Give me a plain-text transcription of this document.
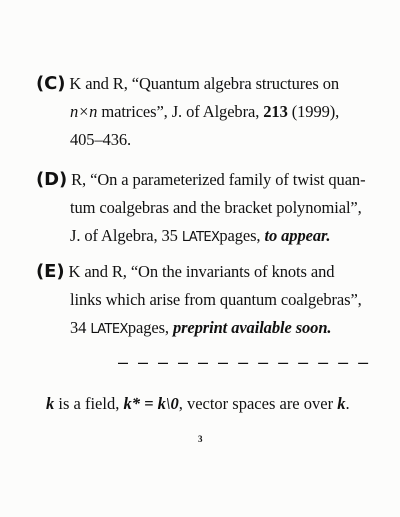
(C) K and R, “Quantum algebra structures on
n×n matrices”, J. of Algebra, 213 (1999),
405–436.
(D) R, “On a parameterized family of twist quan-
tum coalgebras and the bracket polynomial”,
J. of Algebra, 35 LATEXpages, to appear.
(E) K and R, “On the invariants of knots and
links which arise from quantum coalgebras”,
34 LATEXpages, preprint available soon.
– – – – – – – – – – – – –
k is a field, k* = k\0, vector spaces are over k.
3
